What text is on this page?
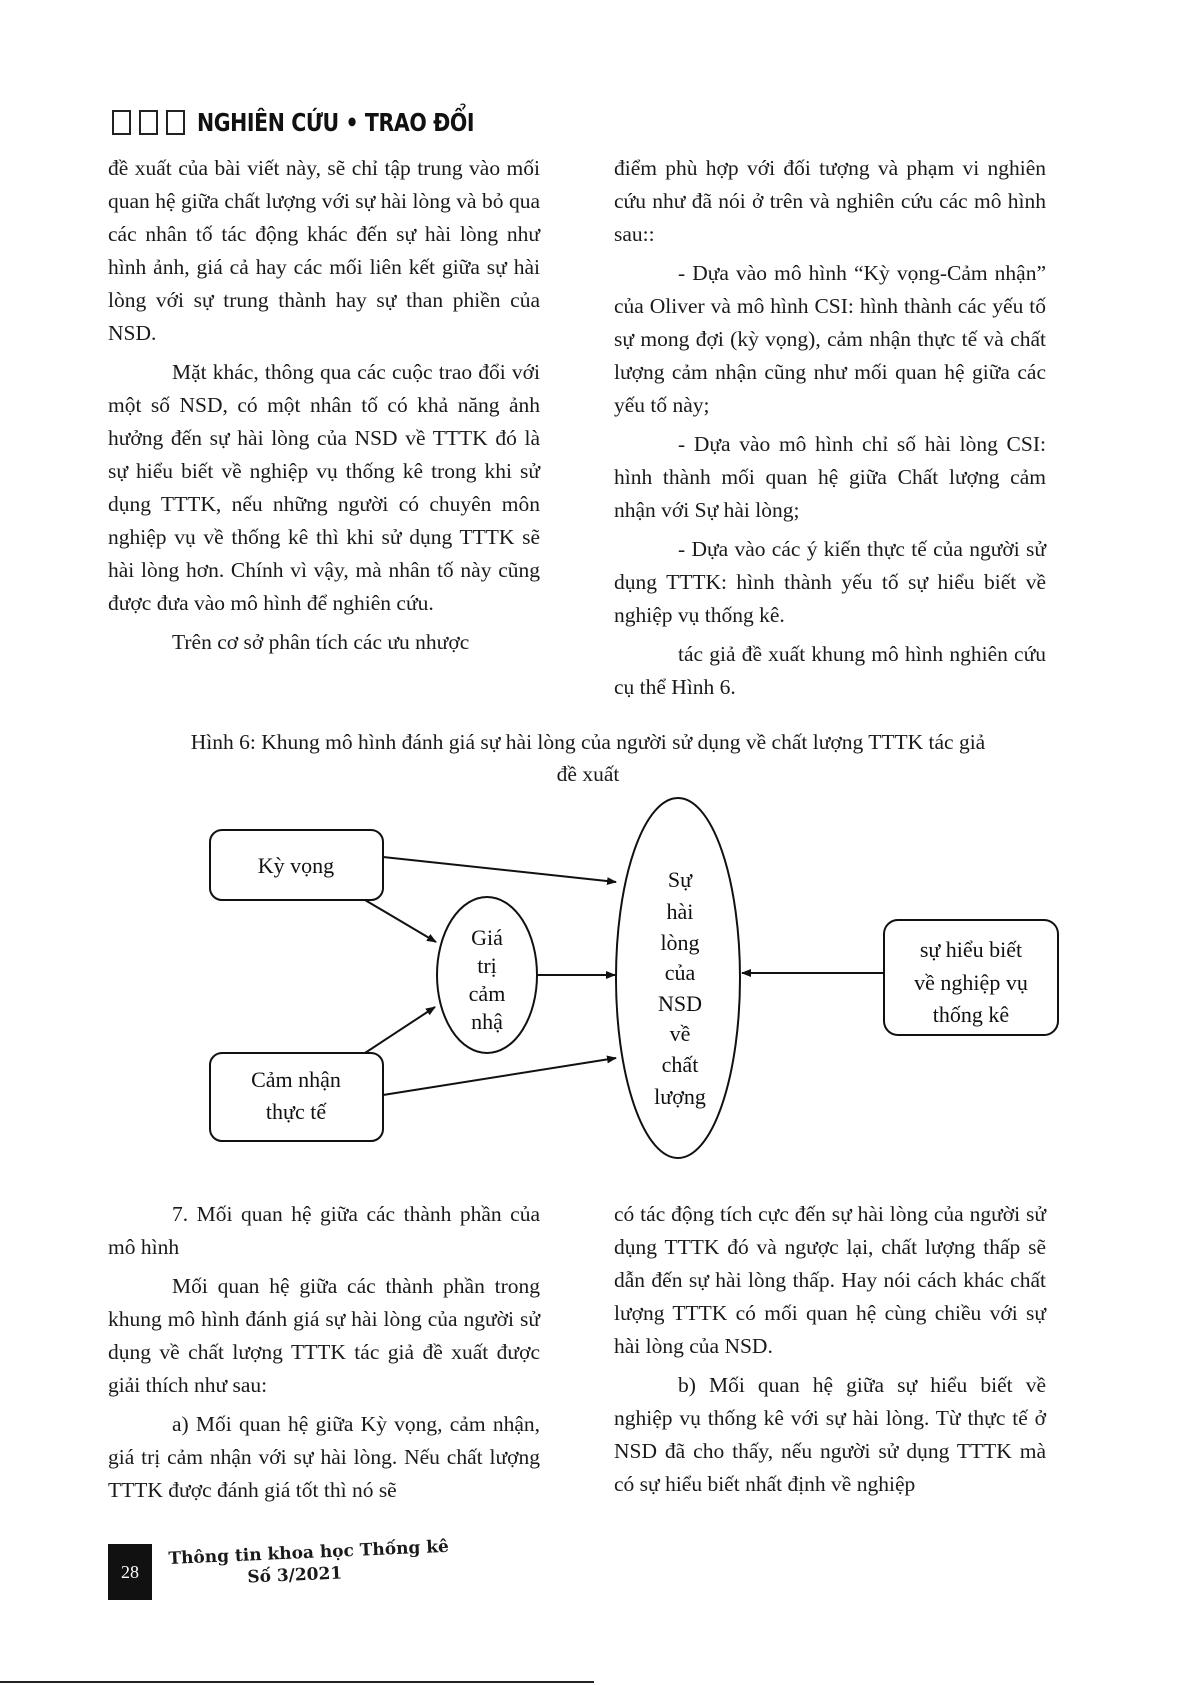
NGHIÊN CỨU • TRAO ĐỔI

đề xuất của bài viết này, sẽ chỉ tập trung vào mối quan hệ giữa chất lượng với sự hài lòng và bỏ qua các nhân tố tác động khác đến sự hài lòng như hình ảnh, giá cả hay các mối liên kết giữa sự hài lòng với sự trung thành hay sự than phiền của NSD.

Mặt khác, thông qua các cuộc trao đổi với một số NSD, có một nhân tố có khả năng ảnh hưởng đến sự hài lòng của NSD về TTTK đó là sự hiểu biết về nghiệp vụ thống kê trong khi sử dụng TTTK, nếu những người có chuyên môn nghiệp vụ về thống kê thì khi sử dụng TTTK sẽ hài lòng hơn. Chính vì vậy, mà nhân tố này cũng được đưa vào mô hình để nghiên cứu.

Trên cơ sở phân tích các ưu nhược

điểm phù hợp với đối tượng và phạm vi nghiên cứu như đã nói ở trên và nghiên cứu các mô hình sau::

- Dựa vào mô hình “Kỳ vọng-Cảm nhận” của Oliver và mô hình CSI: hình thành các yếu tố sự mong đợi (kỳ vọng), cảm nhận thực tế và chất lượng cảm nhận cũng như mối quan hệ giữa các yếu tố này;

- Dựa vào mô hình chỉ số hài lòng CSI: hình thành mối quan hệ giữa Chất lượng cảm nhận với Sự hài lòng;

- Dựa vào các ý kiến thực tế của người sử dụng TTTK: hình thành yếu tố sự hiểu biết về nghiệp vụ thống kê.

tác giả đề xuất khung mô hình nghiên cứu cụ thể Hình 6.

Hình 6: Khung mô hình đánh giá sự hài lòng của người sử dụng về chất lượng TTTK tác giả
đề xuất
Kỳ vọng
Cảm nhận
thực tế
Giá
trị
cảm
nhậ
Sự
hài
lòng
của
NSD
về
chất
lượng
sự hiểu biết
về nghiệp vụ
thống kê

7. Mối quan hệ giữa các thành phần của mô hình

Mối quan hệ giữa các thành phần trong khung mô hình đánh giá sự hài lòng của người sử dụng về chất lượng TTTK tác giả đề xuất được giải thích như sau:

a) Mối quan hệ giữa Kỳ vọng, cảm nhận, giá trị cảm nhận với sự hài lòng. Nếu chất lượng TTTK được đánh giá tốt thì nó sẽ

có tác động tích cực đến sự hài lòng của người sử dụng TTTK đó và ngược lại, chất lượng thấp sẽ dẫn đến sự hài lòng thấp. Hay nói cách khác chất lượng TTTK có mối quan hệ cùng chiều với sự hài lòng của NSD.

b) Mối quan hệ giữa sự hiểu biết về nghiệp vụ thống kê với sự hài lòng. Từ thực tế ở NSD đã cho thấy, nếu người sử dụng TTTK mà có sự hiểu biết nhất định về nghiệp

28
Thông tin khoa học Thống kê
Số 3/2021
